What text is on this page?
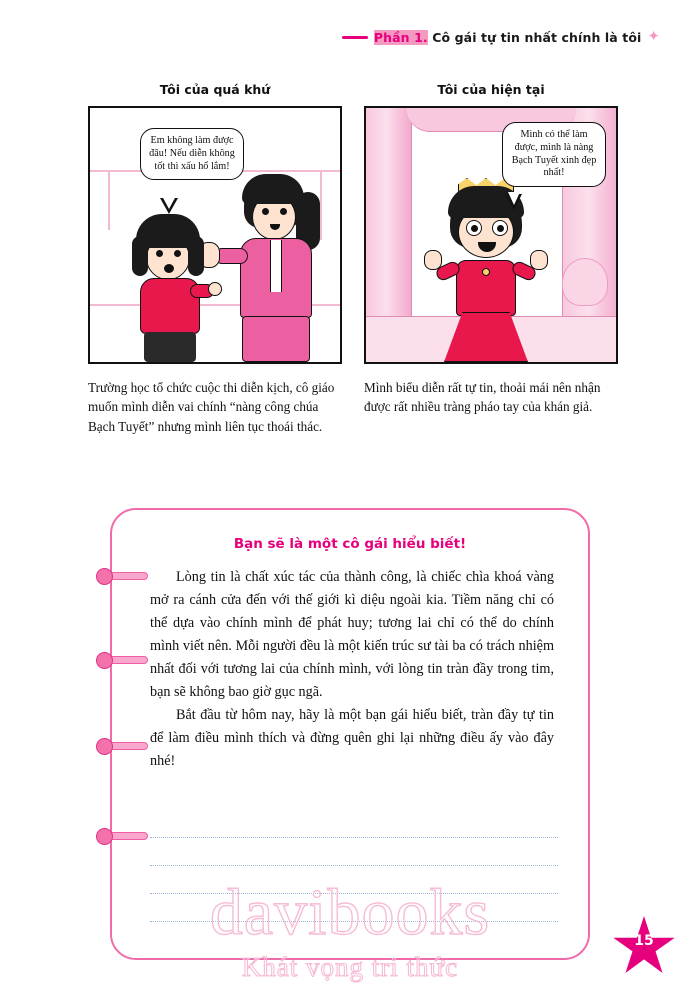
Phần 1. Cô gái tự tin nhất chính là tôi ✦
Tôi của quá khứ
Em không làm được đâu! Nếu diễn không tốt thì xấu hổ lắm!
Tôi của hiện tại
Mình có thể làm được, mình là nàng Bạch Tuyết xinh đẹp nhất!
Trường học tổ chức cuộc thi diễn kịch, cô giáo muốn mình diễn vai chính “nàng công chúa Bạch Tuyết” nhưng mình liên tục thoái thác.
Mình biểu diễn rất tự tin, thoải mái nên nhận được rất nhiều tràng pháo tay của khán giả.
Bạn sẽ là một cô gái hiểu biết!

Lòng tin là chất xúc tác của thành công, là chiếc chìa khoá vàng mở ra cánh cửa đến với thế giới kì diệu ngoài kia. Tiềm năng chỉ có thể dựa vào chính mình để phát huy; tương lai chỉ có thể do chính mình viết nên. Mỗi người đều là một kiến trúc sư tài ba có trách nhiệm nhất đối với tương lai của chính mình, với lòng tin tràn đầy trong tim, bạn sẽ không bao giờ gục ngã.

Bắt đầu từ hôm nay, hãy là một bạn gái hiểu biết, tràn đầy tự tin để làm điều mình thích và đừng quên ghi lại những điều ấy vào đây nhé!

Khát vọng tri thức
15
